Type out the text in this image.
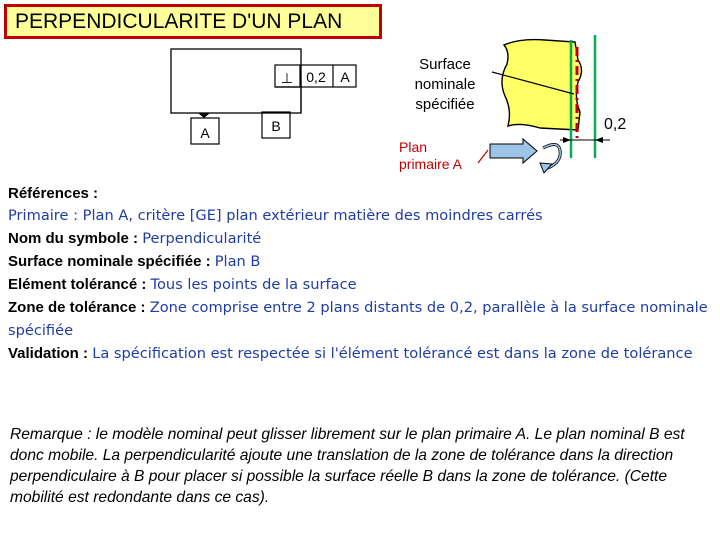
PERPENDICULARITE D'UN PLAN
⊥ 0,2 A
A	B
Surface
nominale
spécifiée
Plan
primaire A
0,2
Références :
Primaire : Plan A, critère [GE] plan extérieur matière des moindres carrés
Nom du symbole : Perpendicularité
Surface nominale spécifiée : Plan B
Elément tolérancé : Tous les points de la surface
Zone de tolérance : Zone comprise entre 2 plans distants de 0,2, parallèle à la surface nominale spécifiée
Validation : La spécification est respectée si l'élément tolérancé est dans la zone de tolérance
Remarque : le modèle nominal peut glisser librement sur le plan primaire A. Le plan nominal B est donc mobile. La perpendicularité ajoute une translation de la zone de tolérance dans la direction perpendiculaire à B pour placer si possible la surface réelle B dans la zone de tolérance. (Cette mobilité est redondante dans ce cas).
